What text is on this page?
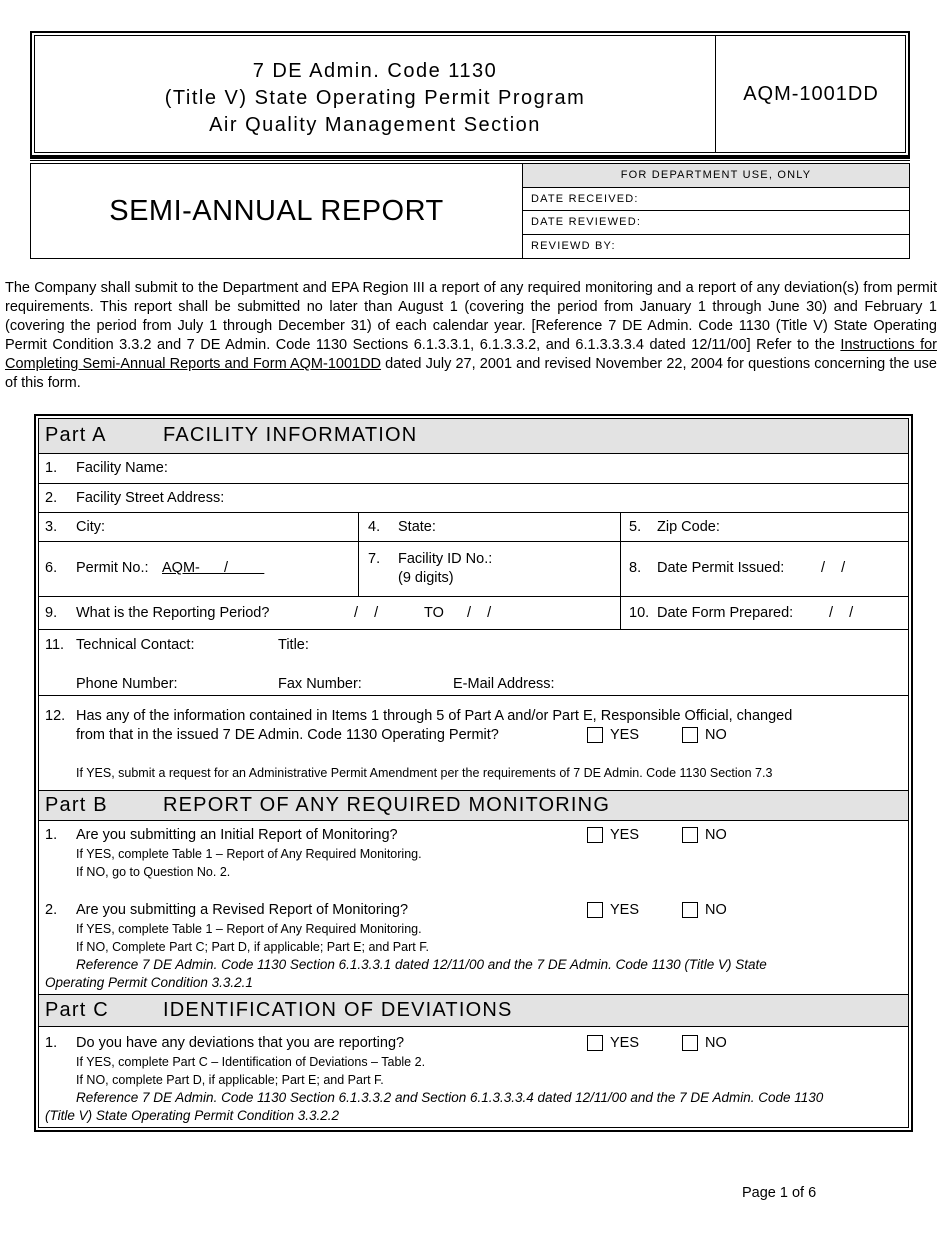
7 DE Admin. Code 1130
(Title V) State Operating Permit Program
Air Quality Management Section
AQM-1001DD
SEMI-ANNUAL REPORT
FOR DEPARTMENT USE, ONLY
DATE RECEIVED:
DATE REVIEWED:
REVIEWD BY:
The Company shall submit to the Department and EPA Region III a report of any required monitoring and a report of any deviation(s) from permit requirements. This report shall be submitted no later than August 1 (covering the period from January 1 through June 30) and February 1 (covering the period from July 1 through December 31) of each calendar year. [Reference 7 DE Admin. Code 1130 (Title V) State Operating Permit Condition 3.3.2 and 7 DE Admin. Code 1130 Sections 6.1.3.3.1, 6.1.3.3.2, and 6.1.3.3.3.4 dated 12/11/00] Refer to the Instructions for Completing Semi-Annual Reports and Form AQM-1001DD dated July 27, 2001 and revised November 22, 2004 for questions concerning the use of this form.
Part A	FACILITY INFORMATION
1. Facility Name:
2. Facility Street Address:
3. City:	4. State:	5. Zip Code:
6. Permit No.: AQM-      /
7. Facility ID No.:
(9 digits)
8. Date Permit Issued:	/    /
9. What is the Reporting Period?	/    /	TO /    /	10. Date Form Prepared: /    /
11. Technical Contact:	Title:
Phone Number:	Fax Number:	E-Mail Address:
12. Has any of the information contained in Items 1 through 5 of Part A and/or Part E, Responsible Official, changed
from that in the issued 7 DE Admin. Code 1130 Operating Permit?	YES	NO
If YES, submit a request for an Administrative Permit Amendment per the requirements of 7 DE Admin. Code 1130 Section 7.3
Part B	REPORT OF ANY REQUIRED MONITORING
1. Are you submitting an Initial Report of Monitoring?	YES	NO
If YES, complete Table 1 – Report of Any Required Monitoring.
If NO, go to Question No. 2.
2. Are you submitting a Revised Report of Monitoring?	YES	NO
If YES, complete Table 1 – Report of Any Required Monitoring.
If NO, Complete Part C; Part D, if applicable; Part E; and Part F.
Reference 7 DE Admin. Code 1130 Section 6.1.3.3.1 dated 12/11/00 and the 7 DE Admin. Code 1130 (Title V) State
Operating Permit Condition 3.3.2.1
Part C	IDENTIFICATION OF DEVIATIONS
1. Do you have any deviations that you are reporting?	YES	NO
If YES, complete Part C – Identification of Deviations – Table 2.
If NO, complete Part D, if applicable; Part E; and Part F.
Reference 7 DE Admin. Code 1130 Section 6.1.3.3.2 and Section 6.1.3.3.3.4 dated 12/11/00 and the 7 DE Admin. Code 1130
(Title V) State Operating Permit Condition 3.3.2.2
Page 1 of 6
